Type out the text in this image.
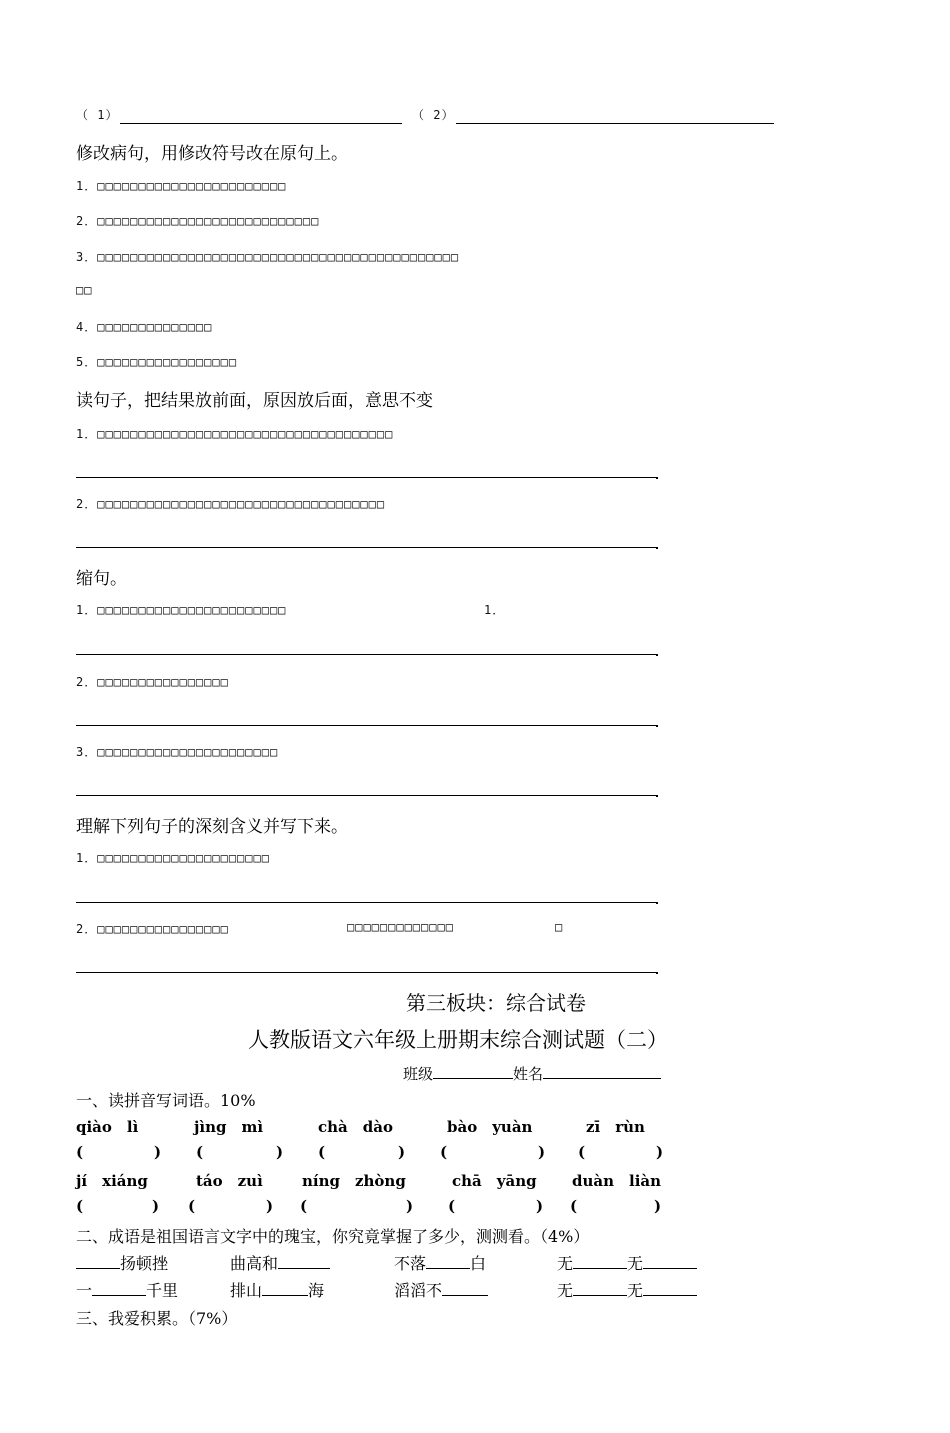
（ 1）	（ 2）
修改病句，用修改符号改在原句上。
1．□□□□□□□□□□□□□□□□□□□□□□□
2．□□□□□□□□□□□□□□□□□□□□□□□□□□□
3．□□□□□□□□□□□□□□□□□□□□□□□□□□□□□□□□□□□□□□□□□□□□
□□
4．□□□□□□□□□□□□□□
5．□□□□□□□□□□□□□□□□□
读句子，把结果放前面，原因放后面，意思不变
1．□□□□□□□□□□□□□□□□□□□□□□□□□□□□□□□□□□□□
2．□□□□□□□□□□□□□□□□□□□□□□□□□□□□□□□□□□□
缩句。
1．□□□□□□□□□□□□□□□□□□□□□□□	1．
2．□□□□□□□□□□□□□□□□
3．□□□□□□□□□□□□□□□□□□□□□□
理解下列句子的深刻含义并写下来。
1．□□□□□□□□□□□□□□□□□□□□□
2．□□□□□□□□□□□□□□□□	□□□□□□□□□□□□□	□
第三板块：综合试卷
人教版语文六年级上册期末综合测试题（二）
班级	姓名
一、读拼音写词语。10%
qiào　lì	jìng　mì	chà　dào	bào　yuàn	zī　rùn
(	) (	) (	) (	) (	)
jí　xiáng	táo　zuì	níng　zhòng	chā　yāng duàn　liàn
(	) (	) (	) (	) (	)
二、成语是祖国语言文字中的瑰宝，你究竟掌握了多少，测测看。（4%）
扬顿挫	曲高和	不落	白	无	无
一	千里	排山	海	滔滔不	无	无
三、我爱积累。（7%）
